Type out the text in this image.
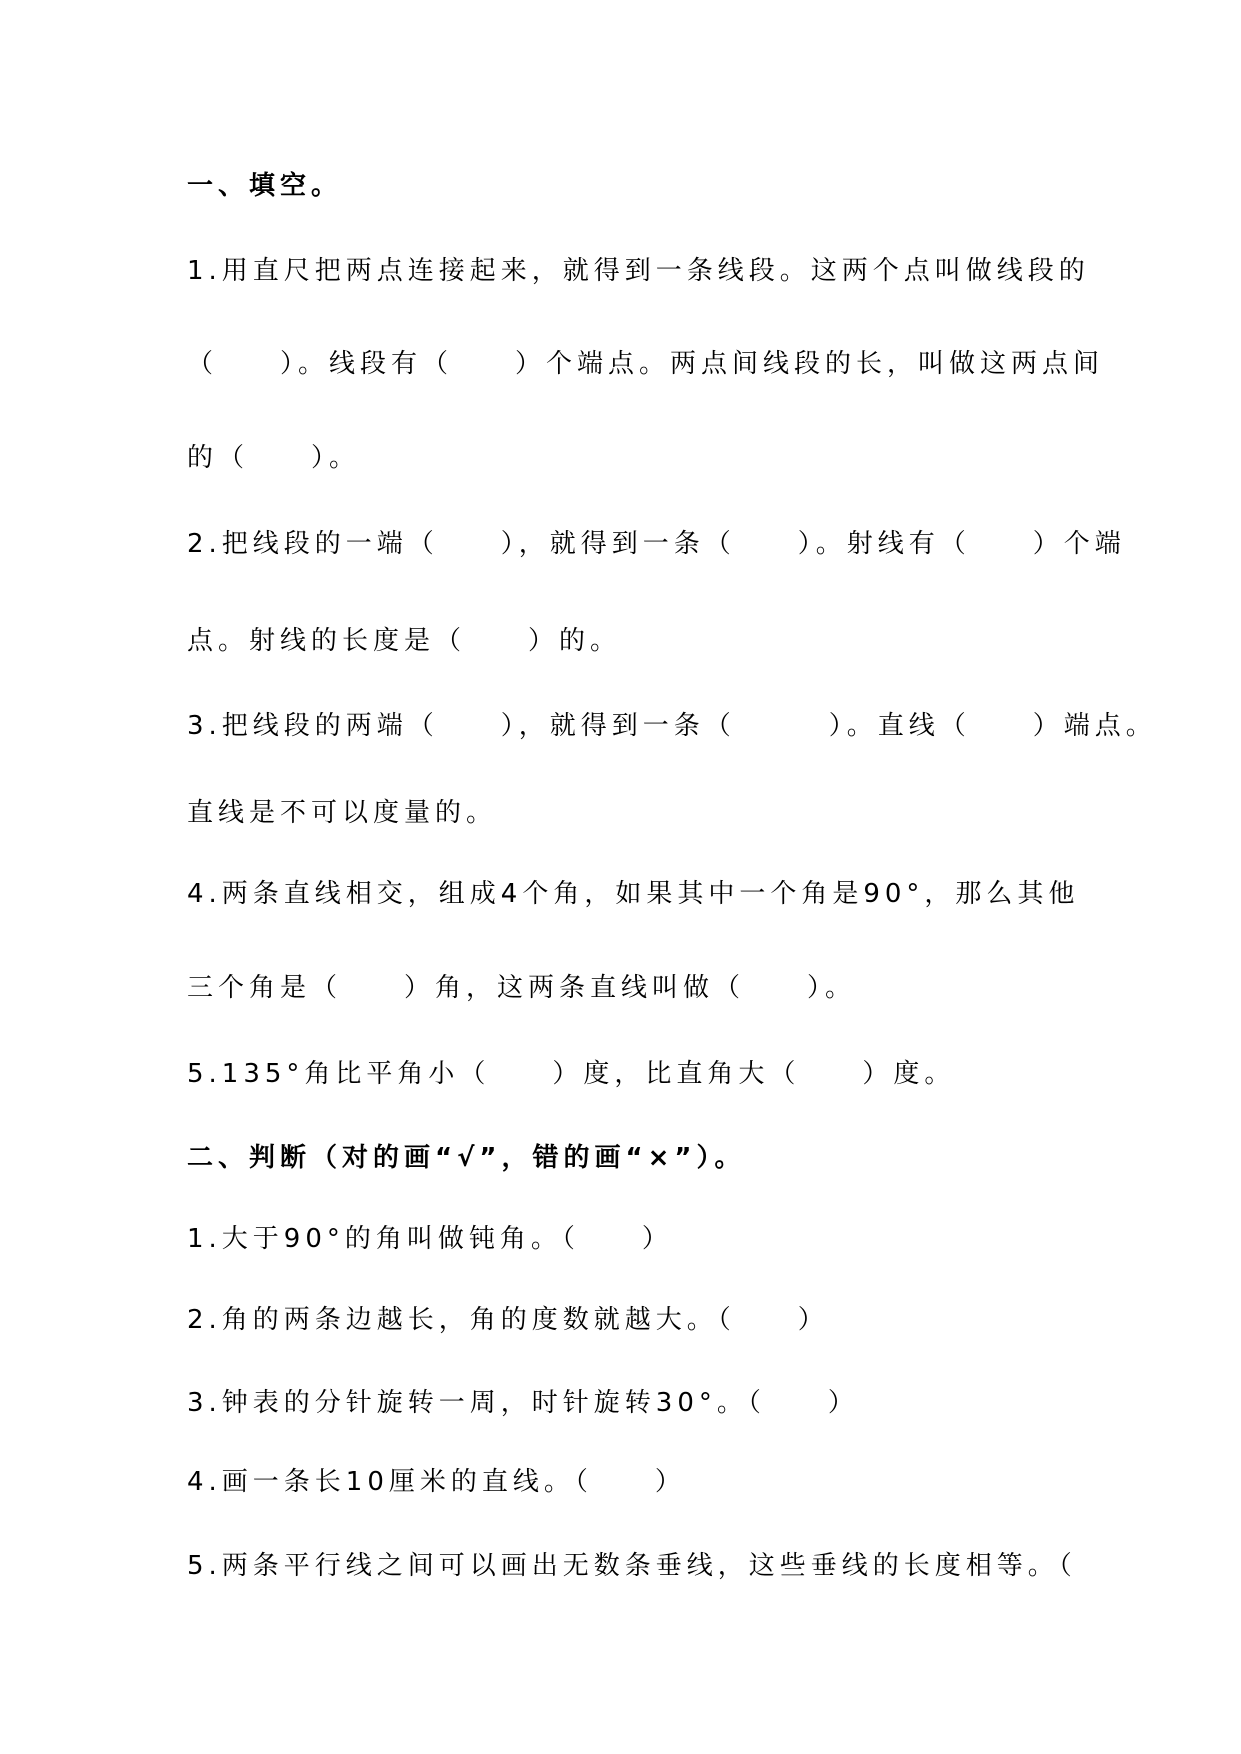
一、填空。
1.用直尺把两点连接起来，就得到一条线段。这两个点叫做线段的
（　　）。线段有（　　）个端点。两点间线段的长，叫做这两点间
的（　　）。
2.把线段的一端（　　），就得到一条（　　）。射线有（　　）个端
点。射线的长度是（　　）的。
3.把线段的两端（　　），就得到一条（　　　）。直线（　　）端点。
直线是不可以度量的。
4.两条直线相交，组成4个角，如果其中一个角是90°，那么其他
三个角是（　　）角，这两条直线叫做（　　）。
5.135°角比平角小（　　）度，比直角大（　　）度。
二、判断（对的画“√”，错的画“×”）。
1.大于90°的角叫做钝角。（　　）
2.角的两条边越长，角的度数就越大。（　　）
3.钟表的分针旋转一周，时针旋转30°。（　　）
4.画一条长10厘米的直线。（　　）
5.两条平行线之间可以画出无数条垂线，这些垂线的长度相等。（
